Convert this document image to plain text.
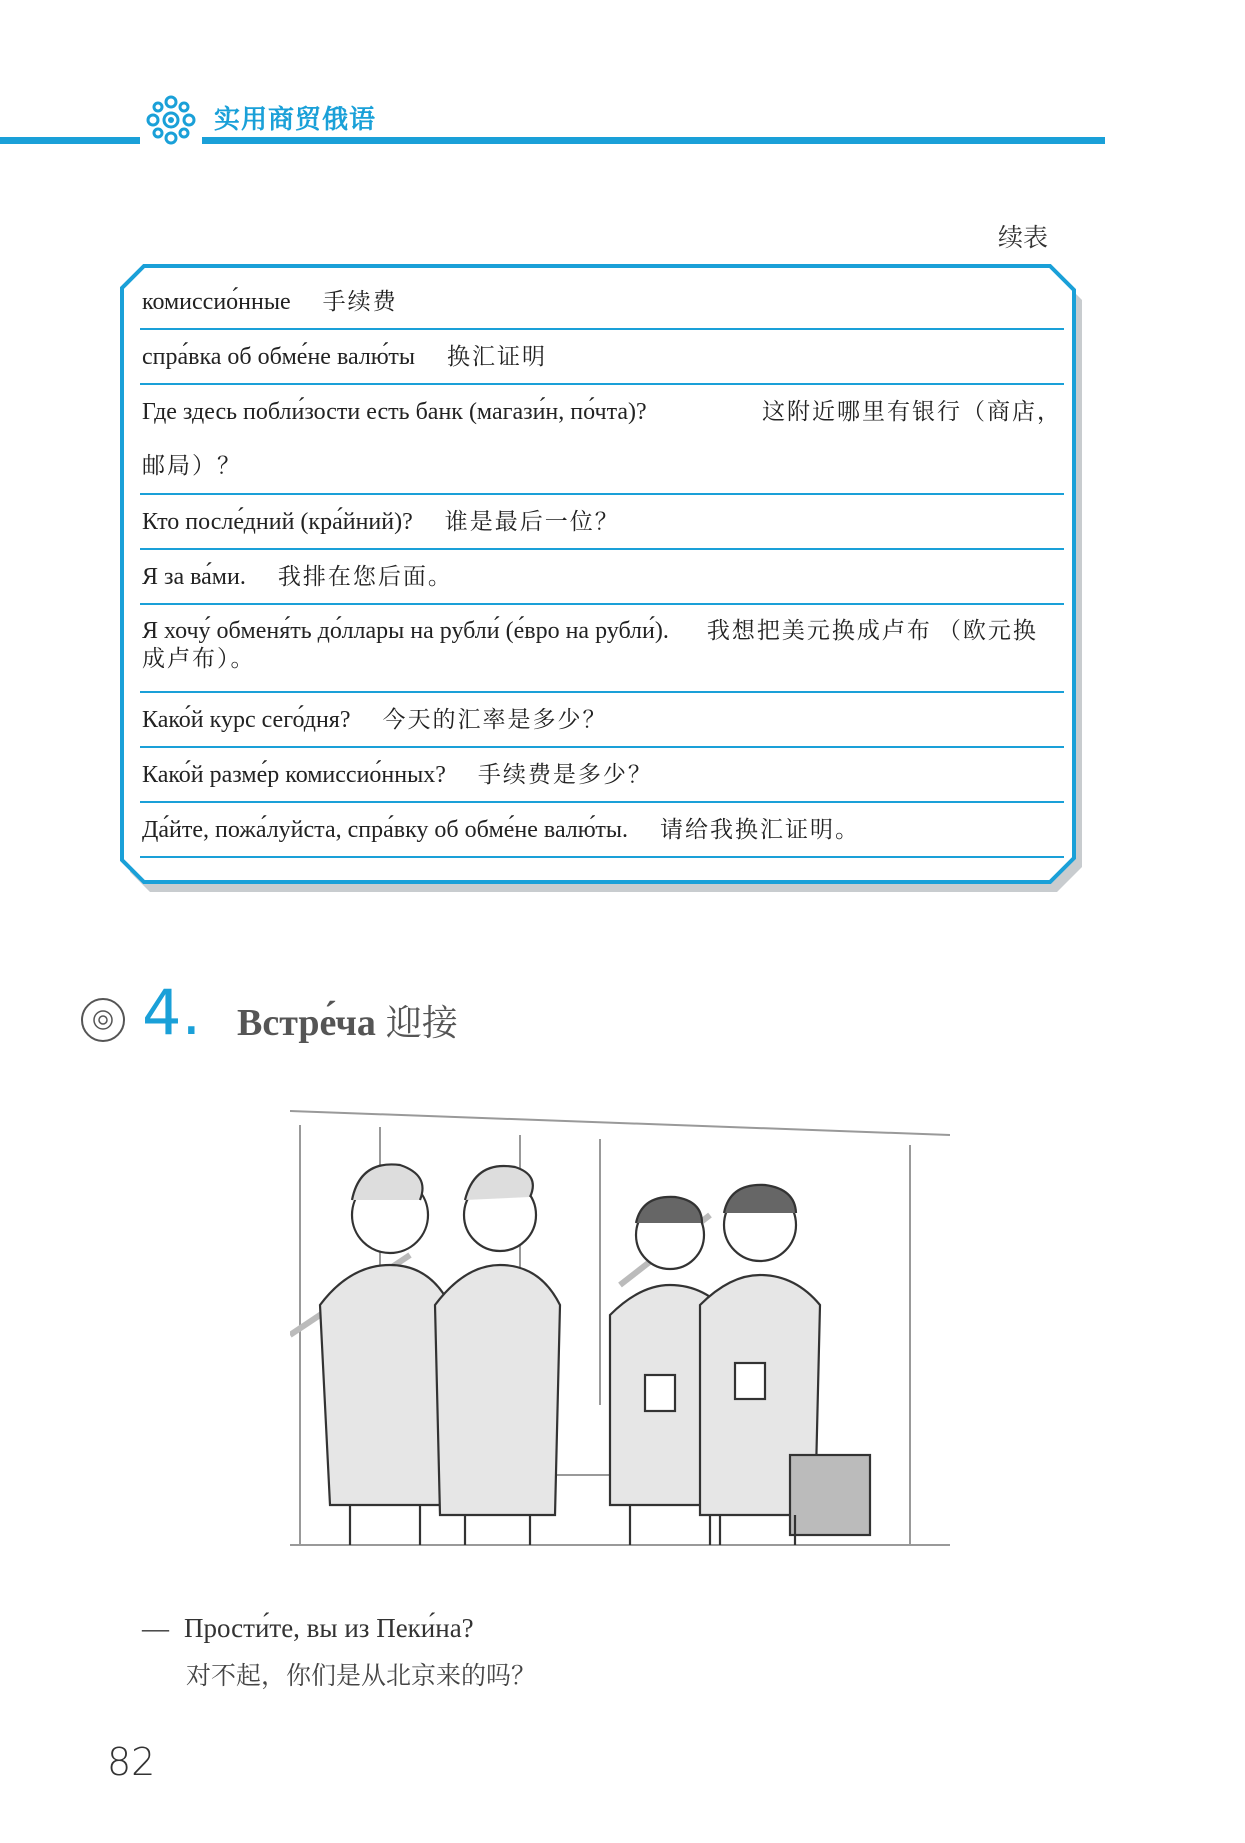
实用商贸俄语
续表
комиссио́нные 手续费
спра́вка об обме́не валю́ты 换汇证明
Где здесь побли́зости есть банк (магази́н, по́чта)?	这附近哪里有银行（商店，
邮局）？
Кто после́дний (кра́йний)? 谁是最后一位？
Я за ва́ми. 我排在您后面。
Я хочу́ обменя́ть до́ллары на рубли́ (е́вро на рубли́). 我想把美元换成卢布 （欧元换成卢布）。
Како́й курс сего́дня? 今天的汇率是多少？
Како́й разме́р комиссио́нных? 手续费是多少？
Да́йте, пожа́луйста, спра́вку об обме́не валю́ты. 请给我换汇证明。
4. Встре́ча 迎接
— Прости́те, вы из Пеки́на?
对不起，你们是从北京来的吗？
82
